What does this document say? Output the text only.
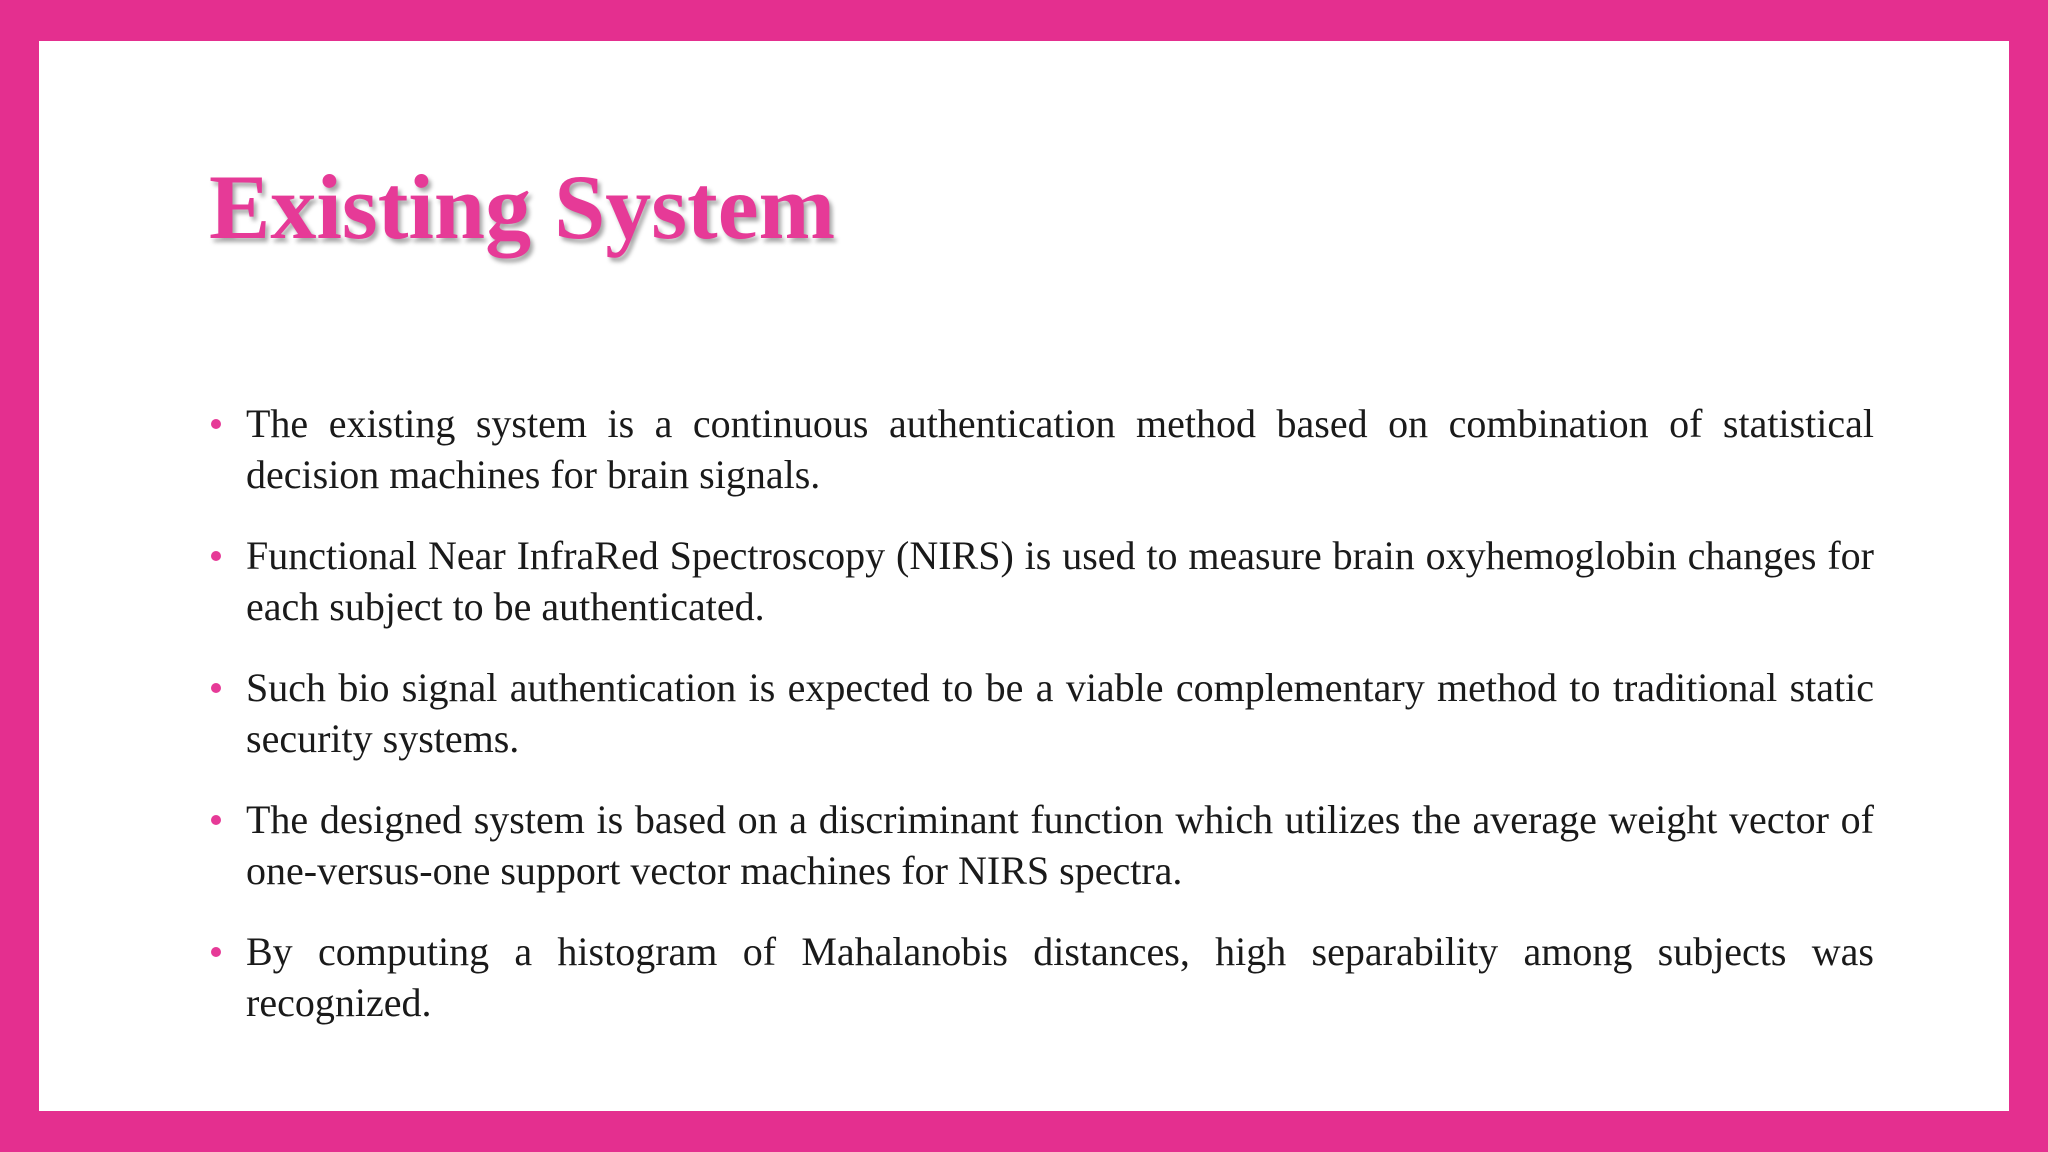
Existing System
The existing system is a continuous authentication method based on combination of statistical decision machines for brain signals.
Functional Near InfraRed Spectroscopy (NIRS) is used to measure brain oxyhemoglobin changes for each subject to be authenticated.
Such bio signal authentication is expected to be a viable complementary method to traditional static security systems.
The designed system is based on a discriminant function which utilizes the average weight vector of one-versus-one support vector machines for NIRS spectra.
By computing a histogram of Mahalanobis distances, high separability among subjects was recognized.
